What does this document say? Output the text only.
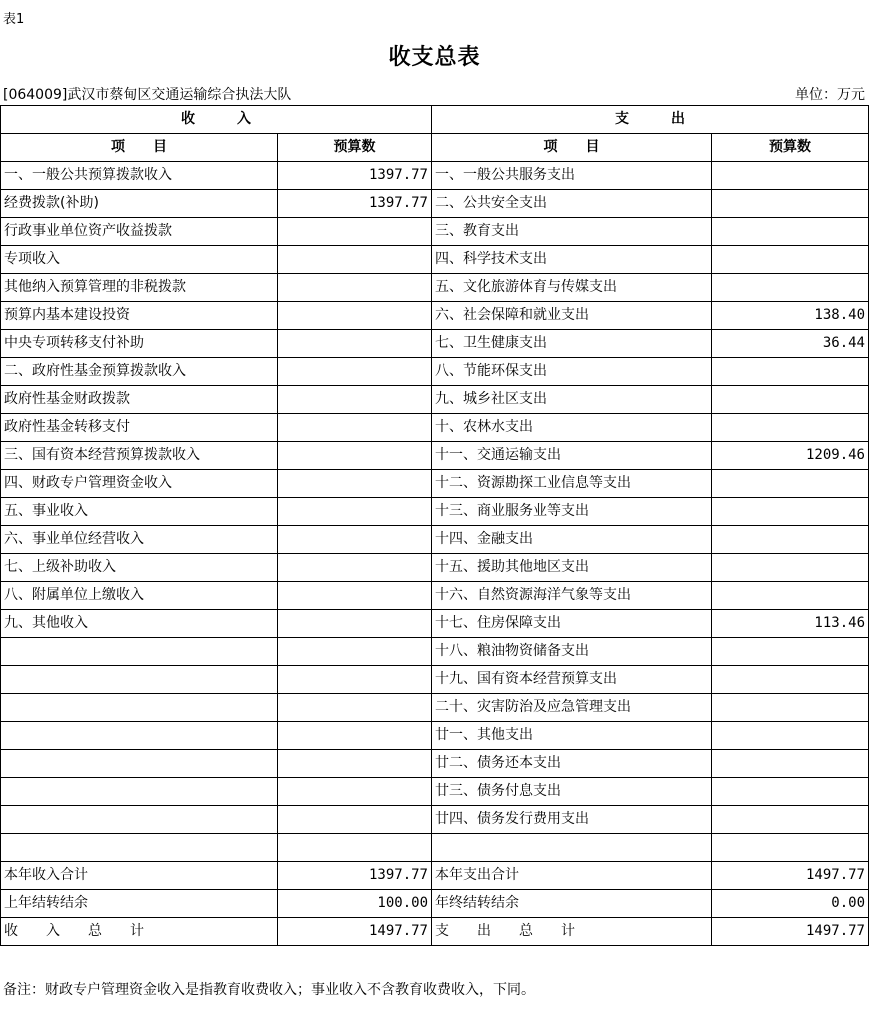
表1
收支总表
[064009]武汉市蔡甸区交通运输综合执法大队	单位：万元
收　　　入		支　　　出	
项　　目	预算数	项　　目	预算数
一、一般公共预算拨款收入	1397.77	一、一般公共服务支出	
经费拨款(补助)	1397.77	二、公共安全支出	
行政事业单位资产收益拨款		三、教育支出	
专项收入		四、科学技术支出	
其他纳入预算管理的非税拨款		五、文化旅游体育与传媒支出	
预算内基本建设投资		六、社会保障和就业支出	138.40
中央专项转移支付补助		七、卫生健康支出	36.44
二、政府性基金预算拨款收入		八、节能环保支出	
政府性基金财政拨款		九、城乡社区支出	
政府性基金转移支付		十、农林水支出	
三、国有资本经营预算拨款收入		十一、交通运输支出	1209.46
四、财政专户管理资金收入		十二、资源勘探工业信息等支出	
五、事业收入		十三、商业服务业等支出	
六、事业单位经营收入		十四、金融支出	
七、上级补助收入		十五、援助其他地区支出	
八、附属单位上缴收入		十六、自然资源海洋气象等支出	
九、其他收入		十七、住房保障支出	113.46
		十八、粮油物资储备支出	
		十九、国有资本经营预算支出	
		二十、灾害防治及应急管理支出	
		廿一、其他支出	
		廿二、债务还本支出	
		廿三、债务付息支出	
		廿四、债务发行费用支出	

本年收入合计	1397.77	本年支出合计	1497.77
上年结转结余	100.00	年终结转结余	0.00
收　　入　　总　　计	1497.77	支　　出　　总　　计	1497.77
备注：财政专户管理资金收入是指教育收费收入；事业收入不含教育收费收入，下同。
